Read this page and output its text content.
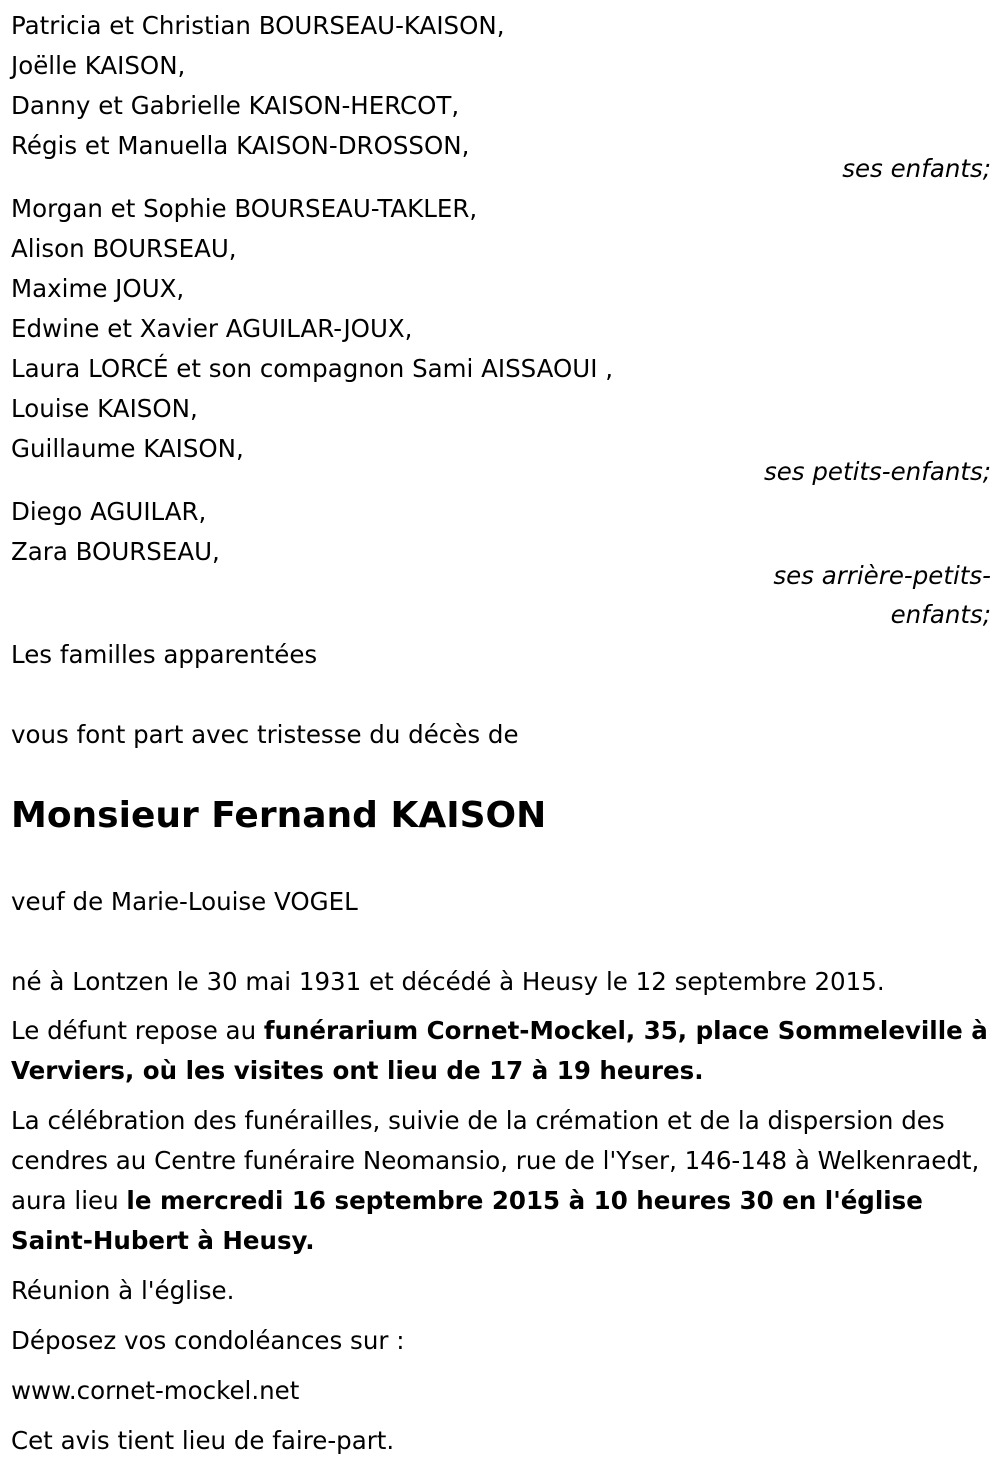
Patricia et Christian BOURSEAU-KAISON,
Joëlle KAISON,
Danny et Gabrielle KAISON-HERCOT,
Régis et Manuella KAISON-DROSSON,
ses enfants;
Morgan et Sophie BOURSEAU-TAKLER,
Alison BOURSEAU,
Maxime JOUX,
Edwine et Xavier AGUILAR-JOUX,
Laura LORCÉ et son compagnon Sami AISSAOUI ,
Louise KAISON,
Guillaume KAISON,
ses petits-enfants;
Diego AGUILAR,
Zara BOURSEAU,
ses arrière-petits-
enfants;
Les familles apparentées
vous font part avec tristesse du décès de
Monsieur Fernand KAISON
veuf de Marie-Louise VOGEL
né à Lontzen le 30 mai 1931 et décédé à Heusy le 12 septembre 2015.
Le défunt repose au funérarium Cornet-Mockel, 35, place Sommeleville à Verviers, où les visites ont lieu de 17 à 19 heures.
La célébration des funérailles, suivie de la crémation et de la dispersion des cendres au Centre funéraire Neomansio, rue de l'Yser, 146-148 à Welkenraedt, aura lieu le mercredi 16 septembre 2015 à 10 heures 30 en l'église Saint-Hubert à Heusy.
Réunion à l'église.
Déposez vos condoléances sur :
www.cornet-mockel.net
Cet avis tient lieu de faire-part.
